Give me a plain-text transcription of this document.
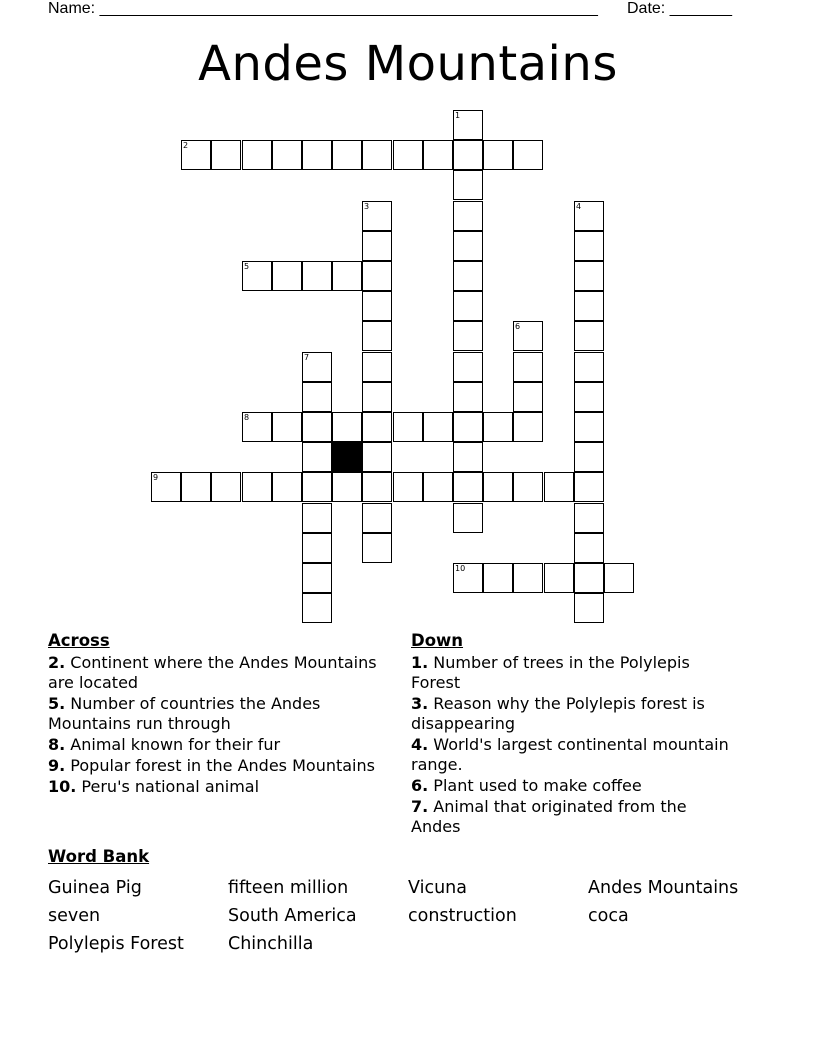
Name: ________________________________________________________ Date: _______
Andes Mountains
1
2
3	4
5
6
7
8
9
10
Across
2. Continent where the Andes Mountains are located
5. Number of countries the Andes Mountains run through
8. Animal known for their fur
9. Popular forest in the Andes Mountains
10. Peru's national animal
Down
1. Number of trees in the Polylepis Forest
3. Reason why the Polylepis forest is disappearing
4. World's largest continental mountain range.
6. Plant used to make coffee
7. Animal that originated from the Andes
Word Bank
Guinea Pig	fifteen million	Vicuna	Andes Mountains
seven	South America	construction	coca
Polylepis Forest	Chinchilla
